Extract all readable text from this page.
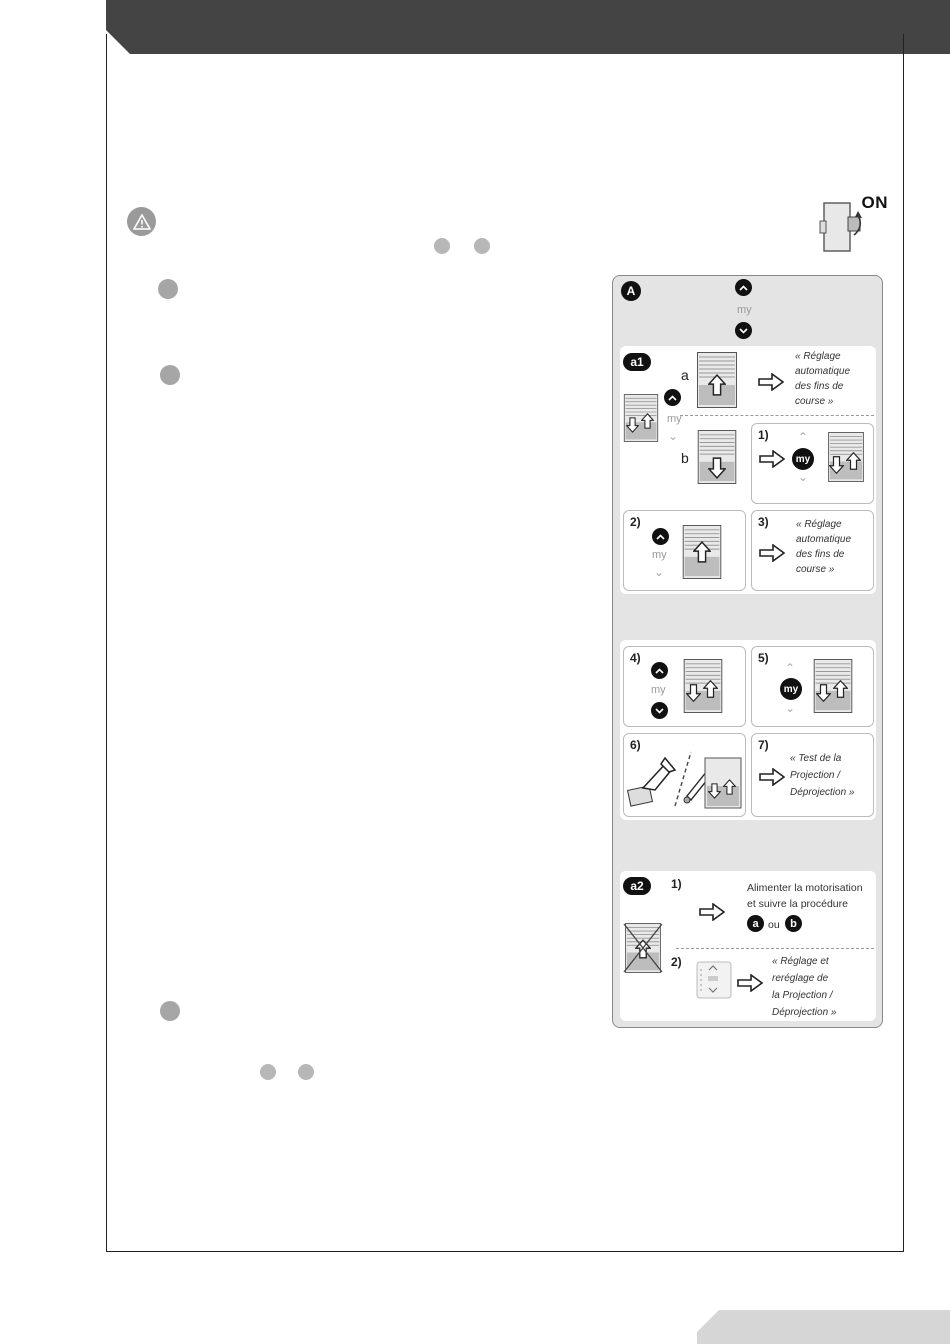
ON
A
my
a1
my
⌄
a
« Réglage
automatique
des fins de
course »
b
1) ⌃
my
⌄
2)
my
⌄
3)	« Réglage
automatique
des fins de
course »
4)
my
5)
⌃
my
⌄
6)	7)
« Test de la
Projection /
Déprojection »
a2	1)	Alimenter la motorisation
et suivre la procédure
a ou b
2)	« Réglage et
reréglage de
la Projection /
Déprojection »
